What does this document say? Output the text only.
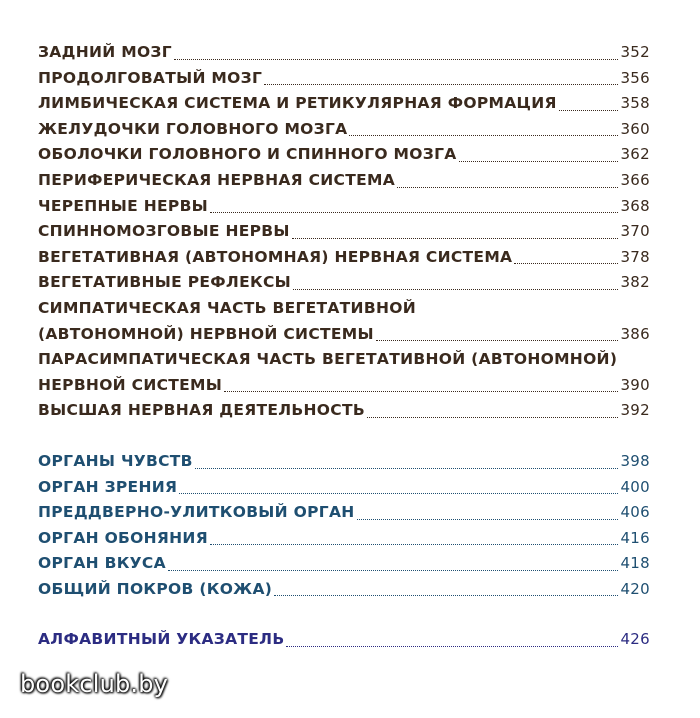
ЗАДНИЙ МОЗГ	352
ПРОДОЛГОВАТЫЙ МОЗГ	356
ЛИМБИЧЕСКАЯ СИСТЕМА И РЕТИКУЛЯРНАЯ ФОРМАЦИЯ	358
ЖЕЛУДОЧКИ ГОЛОВНОГО МОЗГА	360
ОБОЛОЧКИ ГОЛОВНОГО И СПИННОГО МОЗГА	362
ПЕРИФЕРИЧЕСКАЯ НЕРВНАЯ СИСТЕМА	366
ЧЕРЕПНЫЕ НЕРВЫ	368
СПИННОМОЗГОВЫЕ НЕРВЫ	370
ВЕГЕТАТИВНАЯ (АВТОНОМНАЯ) НЕРВНАЯ СИСТЕМА	378
ВЕГЕТАТИВНЫЕ РЕФЛЕКСЫ	382
СИМПАТИЧЕСКАЯ ЧАСТЬ ВЕГЕТАТИВНОЙ
(АВТОНОМНОЙ) НЕРВНОЙ СИСТЕМЫ	386
ПАРАСИМПАТИЧЕСКАЯ ЧАСТЬ ВЕГЕТАТИВНОЙ (АВТОНОМНОЙ)
НЕРВНОЙ СИСТЕМЫ	390
ВЫСШАЯ НЕРВНАЯ ДЕЯТЕЛЬНОСТЬ	392
ОРГАНЫ ЧУВСТВ	398
ОРГАН ЗРЕНИЯ	400
ПРЕДДВЕРНО-УЛИТКОВЫЙ ОРГАН	406
ОРГАН ОБОНЯНИЯ	416
ОРГАН ВКУСА	418
ОБЩИЙ ПОКРОВ (КОЖА)	420
АЛФАВИТНЫЙ УКАЗАТЕЛЬ	426
bookclub.by
